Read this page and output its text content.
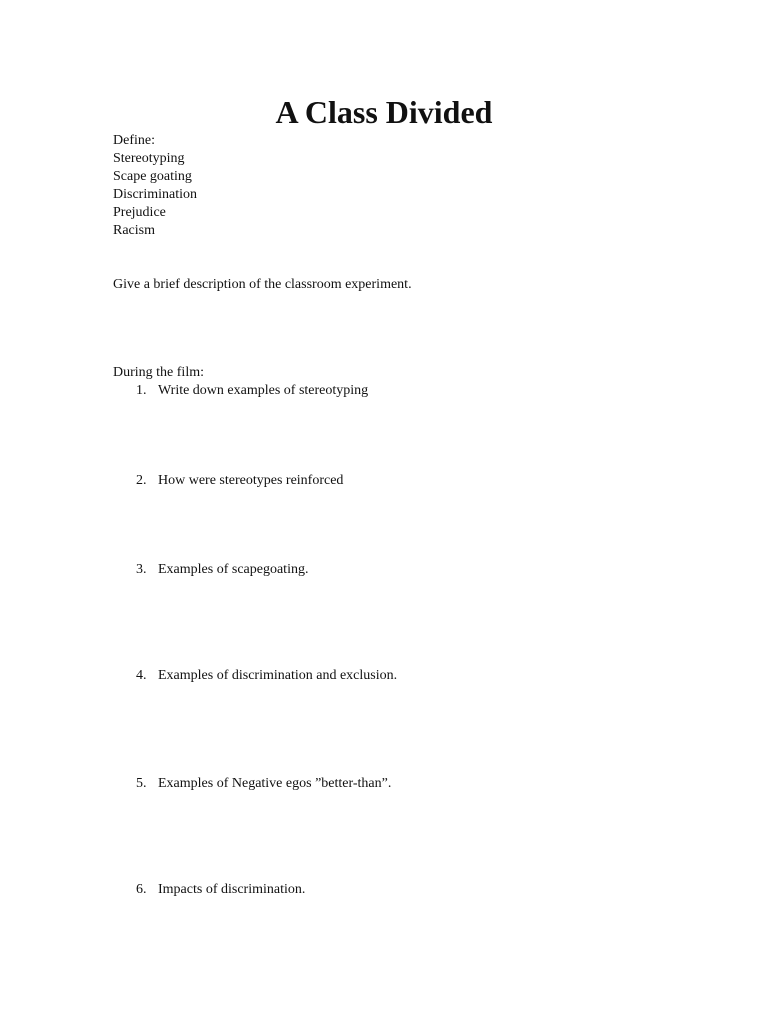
A Class Divided
Define:
Stereotyping
Scape goating
Discrimination
Prejudice
Racism
Give a brief description of the classroom experiment.
During the film:
1. Write down examples of stereotyping
2. How were stereotypes reinforced
3. Examples of scapegoating.
4. Examples of discrimination and exclusion.
5. Examples of Negative egos ”better-than”.
6. Impacts of discrimination.
